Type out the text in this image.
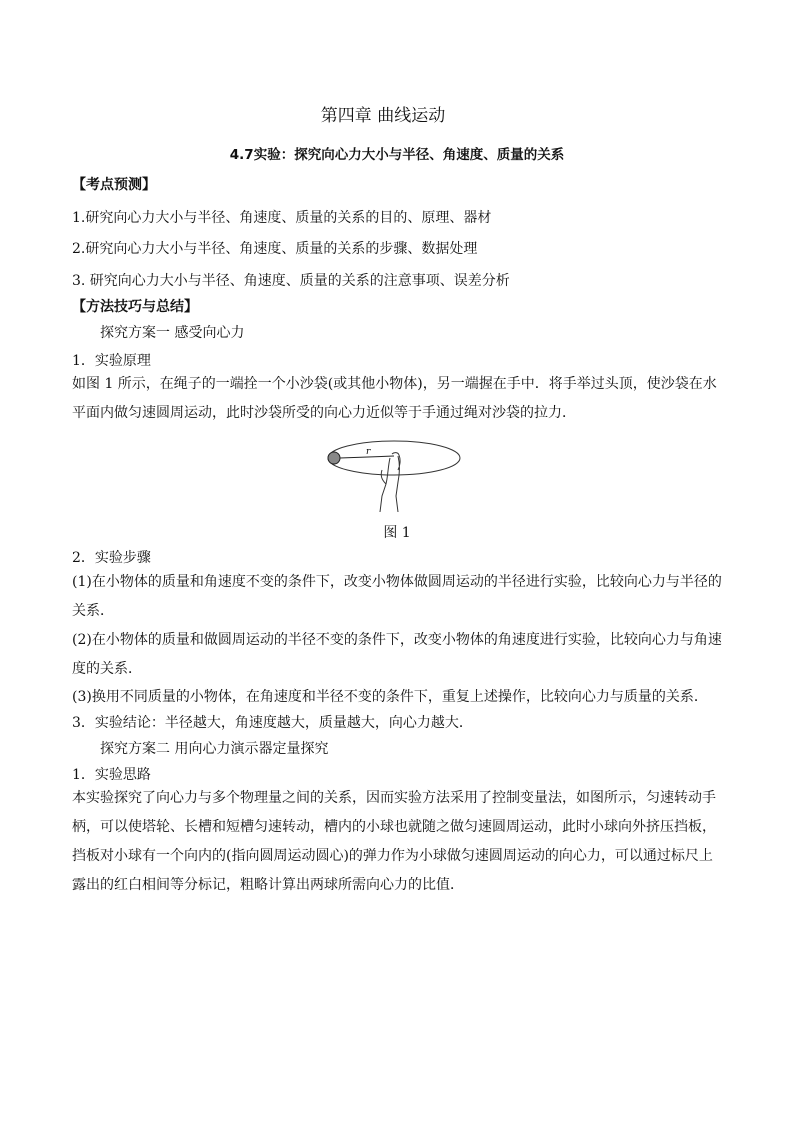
第四章 曲线运动
4.7实验：探究向心力大小与半径、角速度、质量的关系
【考点预测】
1.研究向心力大小与半径、角速度、质量的关系的目的、原理、器材
2.研究向心力大小与半径、角速度、质量的关系的步骤、数据处理
3. 研究向心力大小与半径、角速度、质量的关系的注意事项、误差分析
【方法技巧与总结】
探究方案一 感受向心力
1．实验原理
如图 1 所示，在绳子的一端拴一个小沙袋(或其他小物体)，另一端握在手中．将手举过头顶，使沙袋在水平面内做匀速圆周运动，此时沙袋所受的向心力近似等于手通过绳对沙袋的拉力．
r
图 1
2．实验步骤
(1)在小物体的质量和角速度不变的条件下，改变小物体做圆周运动的半径进行实验，比较向心力与半径的关系．
(2)在小物体的质量和做圆周运动的半径不变的条件下，改变小物体的角速度进行实验，比较向心力与角速度的关系．
(3)换用不同质量的小物体，在角速度和半径不变的条件下，重复上述操作，比较向心力与质量的关系．
3．实验结论：半径越大，角速度越大，质量越大，向心力越大．
探究方案二 用向心力演示器定量探究
1．实验思路
本实验探究了向心力与多个物理量之间的关系，因而实验方法采用了控制变量法，如图所示，匀速转动手柄，可以使塔轮、长槽和短槽匀速转动，槽内的小球也就随之做匀速圆周运动，此时小球向外挤压挡板，挡板对小球有一个向内的(指向圆周运动圆心)的弹力作为小球做匀速圆周运动的向心力，可以通过标尺上露出的红白相间等分标记，粗略计算出两球所需向心力的比值．
